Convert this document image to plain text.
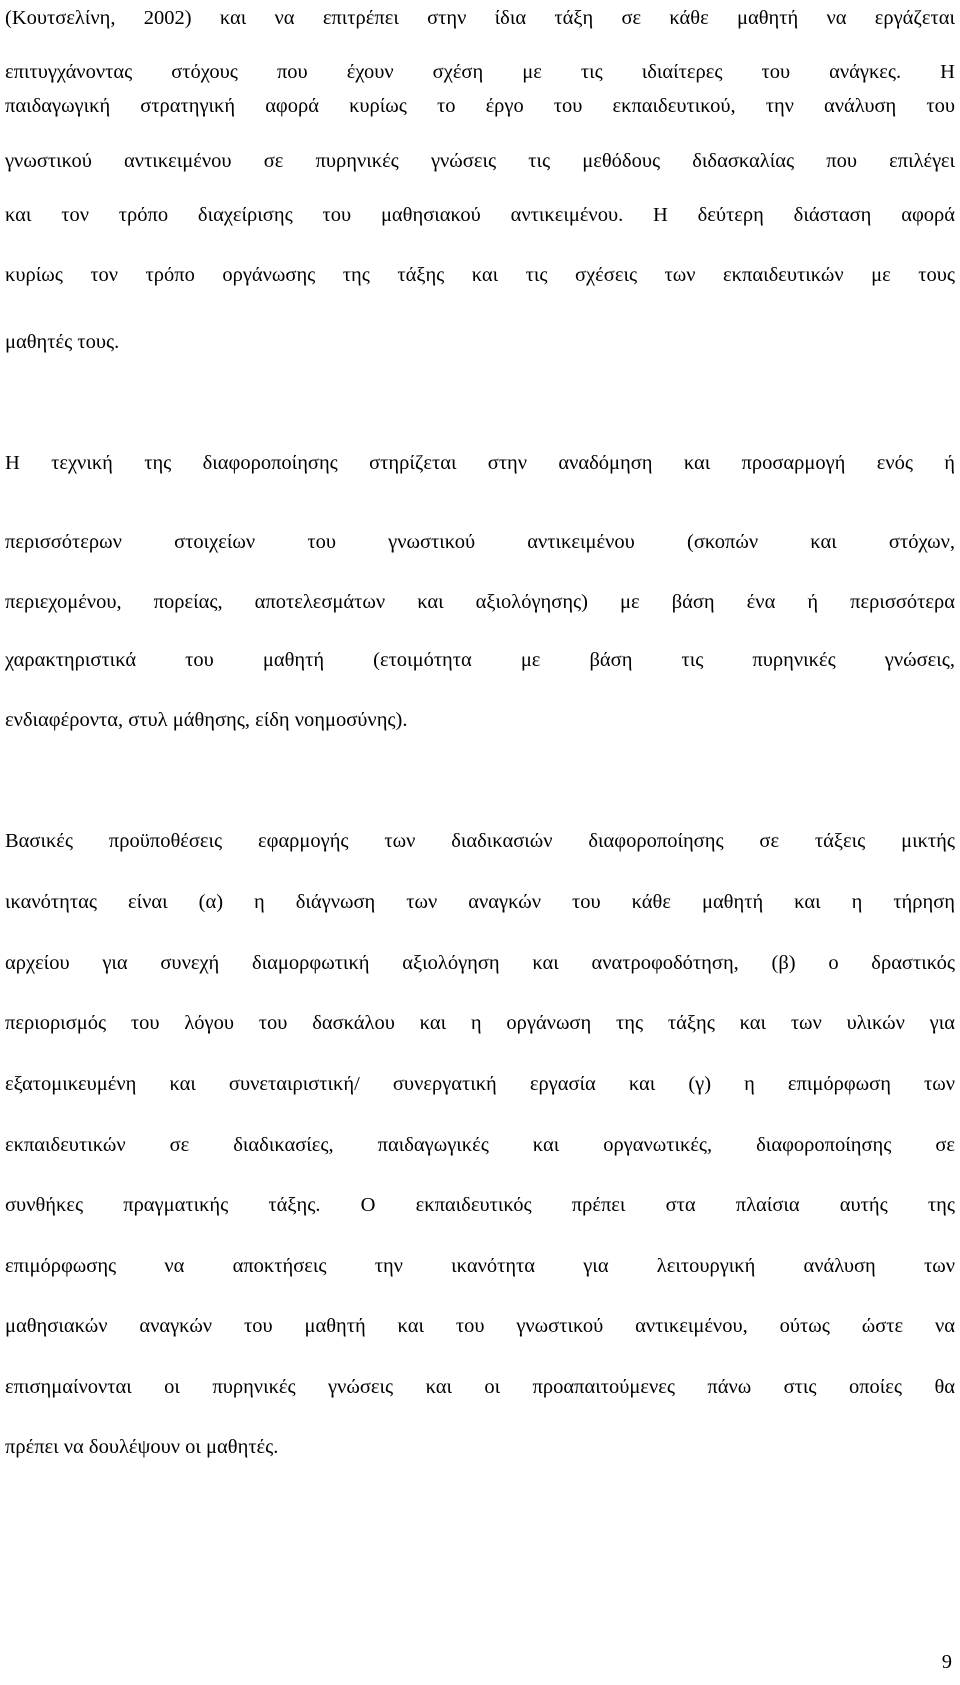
(Κουτσελίνη, 2002) και να επιτρέπει στην ίδια τάξη σε κάθε μαθητή να εργάζεται
επιτυγχάνοντας στόχους που έχουν σχέση με τις ιδιαίτερες του ανάγκες. Η
παιδαγωγική στρατηγική αφορά κυρίως το έργο του εκπαιδευτικού, την ανάλυση του
γνωστικού αντικειμένου σε πυρηνικές γνώσεις τις μεθόδους διδασκαλίας που επιλέγει
και τον τρόπο διαχείρισης του μαθησιακού αντικειμένου. Η δεύτερη διάσταση αφορά
κυρίως τον τρόπο οργάνωσης της τάξης και τις σχέσεις των εκπαιδευτικών με τους
μαθητές τους.
Η τεχνική της διαφοροποίησης στηρίζεται στην αναδόμηση και προσαρμογή ενός ή
περισσότερων στοιχείων του γνωστικού αντικειμένου (σκοπών και στόχων,
περιεχομένου, πορείας, αποτελεσμάτων και αξιολόγησης) με βάση ένα ή περισσότερα
χαρακτηριστικά του μαθητή (ετοιμότητα με βάση τις πυρηνικές γνώσεις,
ενδιαφέροντα, στυλ μάθησης, είδη νοημοσύνης).
Βασικές προϋποθέσεις εφαρμογής των διαδικασιών διαφοροποίησης σε τάξεις μικτής
ικανότητας είναι (α) η διάγνωση των αναγκών του κάθε μαθητή και η τήρηση
αρχείου για συνεχή διαμορφωτική αξιολόγηση και ανατροφοδότηση, (β) ο δραστικός
περιορισμός του λόγου του δασκάλου και η οργάνωση της τάξης και των υλικών για
εξατομικευμένη και συνεταιριστική/ συνεργατική εργασία και (γ) η επιμόρφωση των
εκπαιδευτικών σε διαδικασίες, παιδαγωγικές και οργανωτικές, διαφοροποίησης σε
συνθήκες πραγματικής τάξης. Ο εκπαιδευτικός πρέπει στα πλαίσια αυτής της
επιμόρφωσης να αποκτήσεις την ικανότητα για λειτουργική ανάλυση των
μαθησιακών αναγκών του μαθητή και του γνωστικού αντικειμένου, ούτως ώστε να
επισημαίνονται οι πυρηνικές γνώσεις και οι προαπαιτούμενες πάνω στις οποίες θα
πρέπει να δουλέψουν οι μαθητές.
9
